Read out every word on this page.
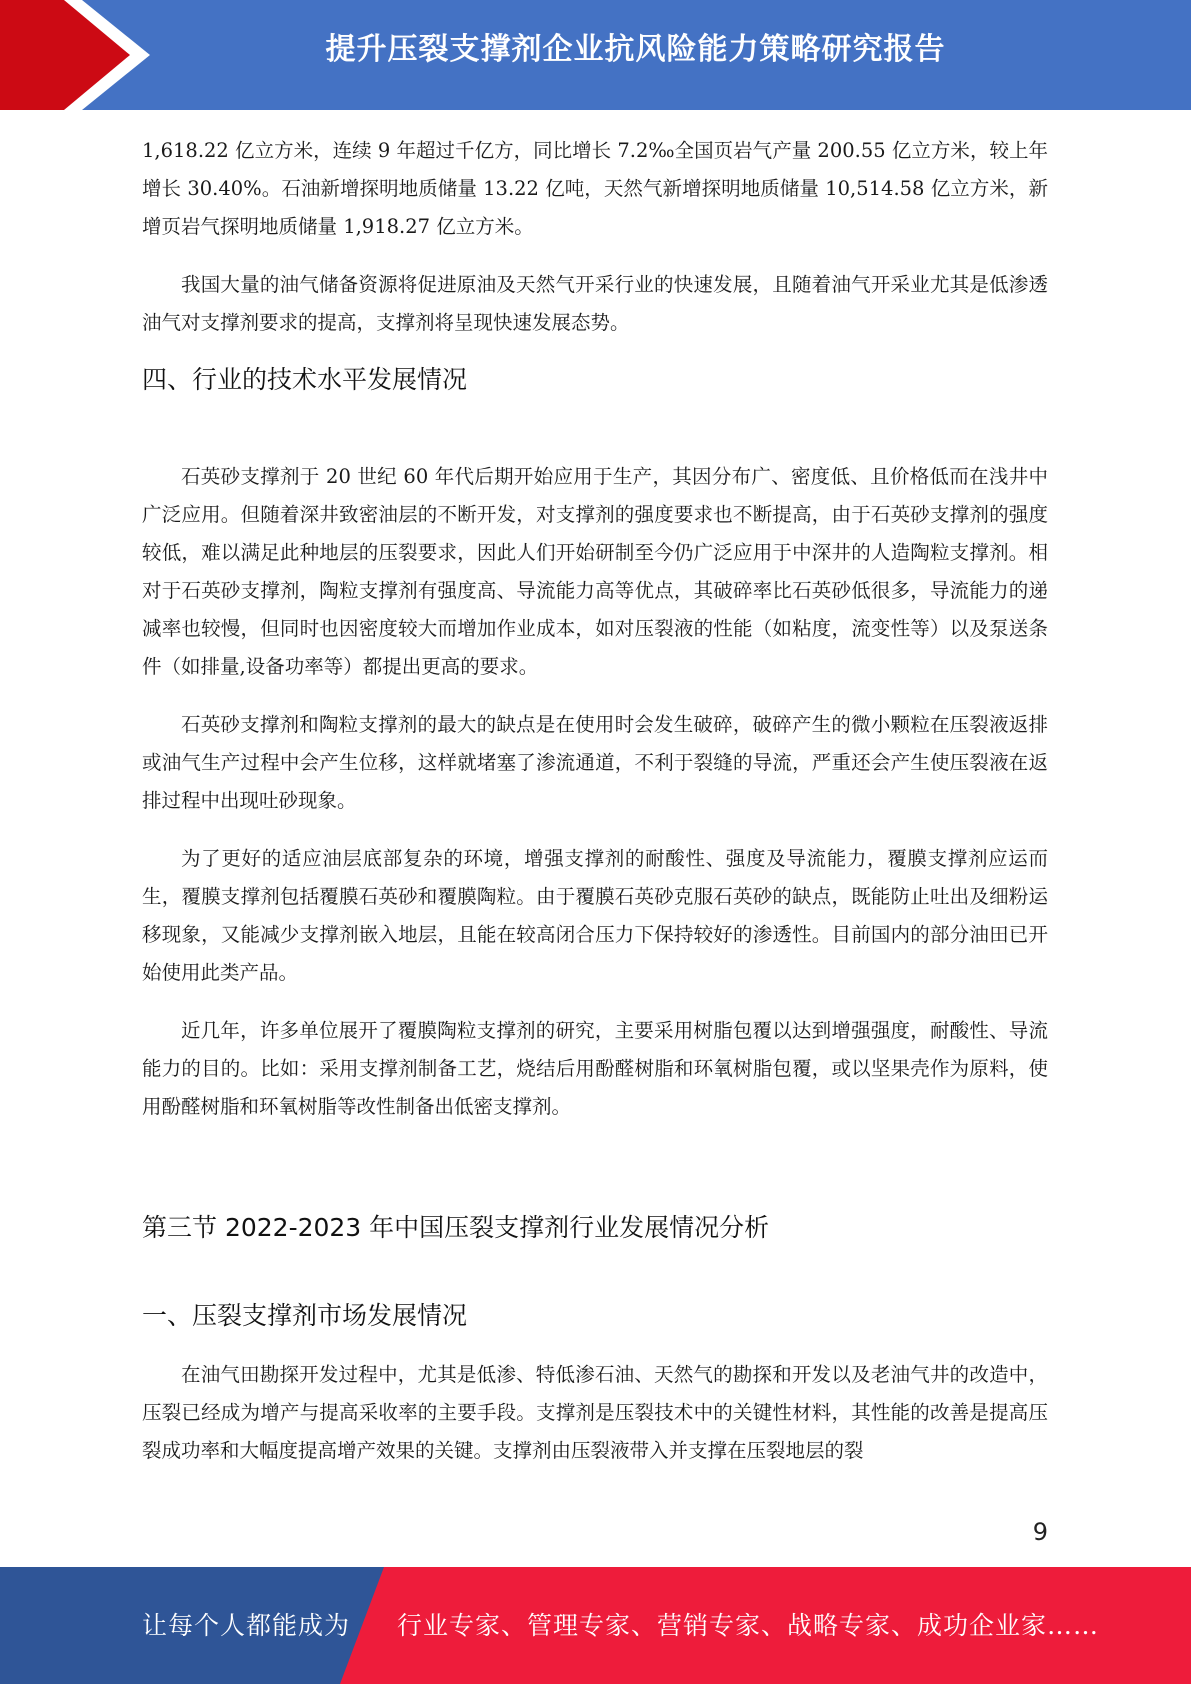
提升压裂支撑剂企业抗风险能力策略研究报告

1,618.22 亿立方米，连续 9 年超过千亿方，同比增长 7.2‰全国页岩气产量 200.55 亿立方米，较上年增长 30.40%。石油新增探明地质储量 13.22 亿吨，天然气新增探明地质储量 10,514.58 亿立方米，新增页岩气探明地质储量 1,918.27 亿立方米。

我国大量的油气储备资源将促进原油及天然气开采行业的快速发展，且随着油气开采业尤其是低渗透油气对支撑剂要求的提高，支撑剂将呈现快速发展态势。

四、行业的技术水平发展情况

石英砂支撑剂于 20 世纪 60 年代后期开始应用于生产，其因分布广、密度低、且价格低而在浅井中广泛应用。但随着深井致密油层的不断开发，对支撑剂的强度要求也不断提高，由于石英砂支撑剂的强度较低，难以满足此种地层的压裂要求，因此人们开始研制至今仍广泛应用于中深井的人造陶粒支撑剂。相对于石英砂支撑剂，陶粒支撑剂有强度高、导流能力高等优点，其破碎率比石英砂低很多，导流能力的递减率也较慢，但同时也因密度较大而增加作业成本，如对压裂液的性能（如粘度，流变性等）以及泵送条件（如排量,设备功率等）都提出更高的要求。

石英砂支撑剂和陶粒支撑剂的最大的缺点是在使用时会发生破碎，破碎产生的微小颗粒在压裂液返排或油气生产过程中会产生位移，这样就堵塞了渗流通道，不利于裂缝的导流，严重还会产生使压裂液在返排过程中出现吐砂现象。

为了更好的适应油层底部复杂的环境，增强支撑剂的耐酸性、强度及导流能力，覆膜支撑剂应运而生，覆膜支撑剂包括覆膜石英砂和覆膜陶粒。由于覆膜石英砂克服石英砂的缺点，既能防止吐出及细粉运移现象，又能减少支撑剂嵌入地层，且能在较高闭合压力下保持较好的渗透性。目前国内的部分油田已开始使用此类产品。

近几年，许多单位展开了覆膜陶粒支撑剂的研究，主要采用树脂包覆以达到增强强度，耐酸性、导流能力的目的。比如：采用支撑剂制备工艺，烧结后用酚醛树脂和环氧树脂包覆，或以坚果壳作为原料，使用酚醛树脂和环氧树脂等改性制备出低密支撑剂。

第三节 2022-2023 年中国压裂支撑剂行业发展情况分析
一、压裂支撑剂市场发展情况

在油气田勘探开发过程中，尤其是低渗、特低渗石油、天然气的勘探和开发以及老油气井的改造中，压裂已经成为增产与提高采收率的主要手段。支撑剂是压裂技术中的关键性材料，其性能的改善是提高压裂成功率和大幅度提高增产效果的关键。支撑剂由压裂液带入并支撑在压裂地层的裂

9
让每个人都能成为 行业专家、管理专家、营销专家、战略专家、成功企业家……
